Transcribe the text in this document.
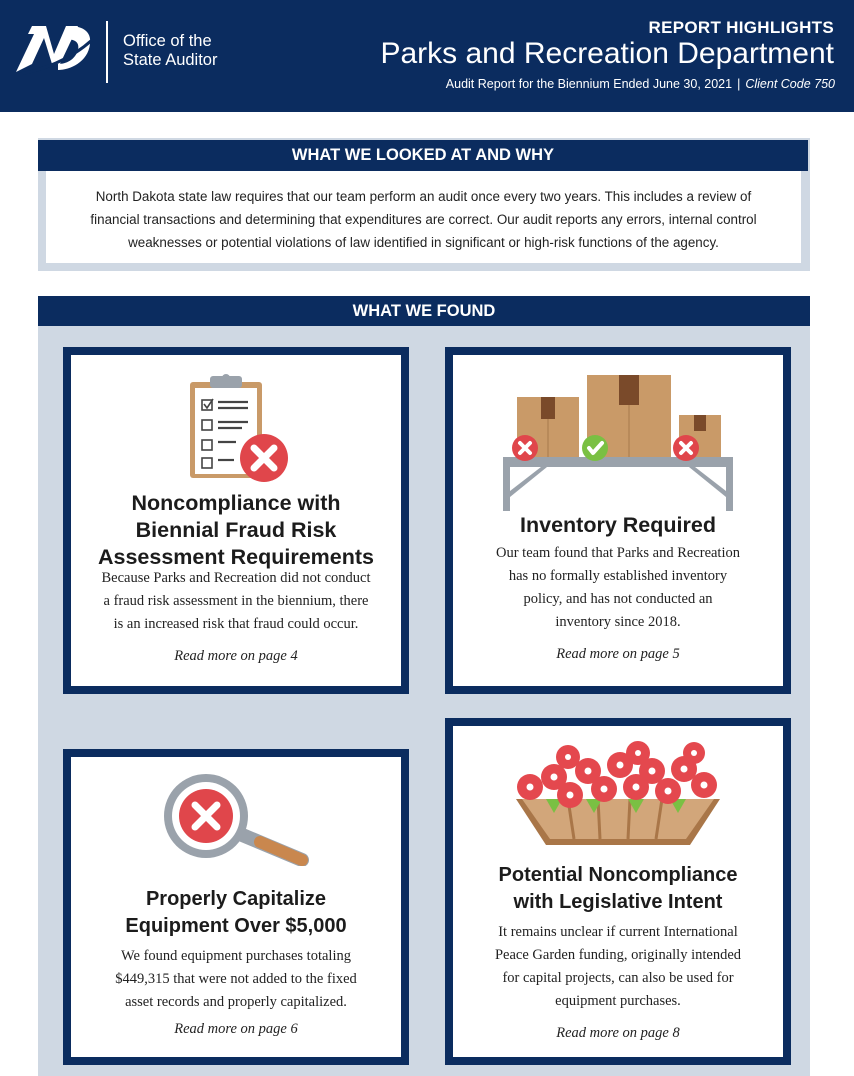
Office of the
State Auditor
REPORT HIGHLIGHTS
Parks and Recreation Department
Audit Report for the Biennium Ended June 30, 2021 | Client Code 750
WHAT WE LOOKED AT AND WHY
North Dakota state law requires that our team perform an audit once every two years. This includes a review of financial transactions and determining that expenditures are correct. Our audit reports any errors, internal control weaknesses or potential violations of law identified in significant or high-risk functions of the agency.
WHAT WE FOUND
Noncompliance with
Biennial Fraud Risk
Assessment Requirements
Because Parks and Recreation did not conduct
a fraud risk assessment in the biennium, there
is an increased risk that fraud could occur.
Read more on page 4
Inventory Required
Our team found that Parks and Recreation
has no formally established inventory
policy, and has not conducted an
inventory since 2018.
Read more on page 5
Properly Capitalize
Equipment Over $5,000
We found equipment purchases totaling
$449,315 that were not added to the fixed
asset records and properly capitalized.
Read more on page 6
Potential Noncompliance
with Legislative Intent
It remains unclear if current International
Peace Garden funding, originally intended
for capital projects, can also be used for
equipment purchases.
Read more on page 8
